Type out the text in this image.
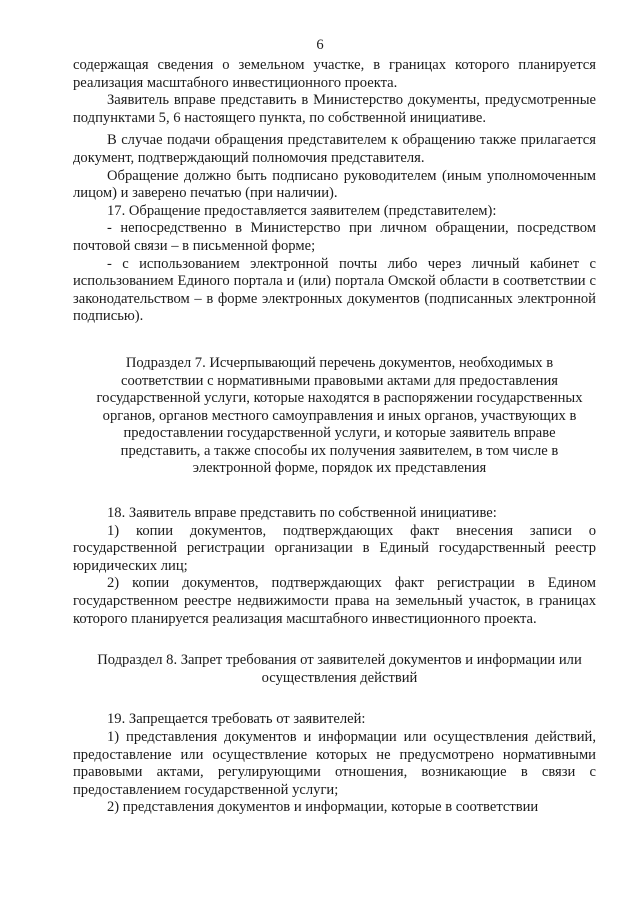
6

содержащая сведения о земельном участке, в границах которого планируется реализация масштабного инвестиционного проекта.

Заявитель вправе представить в Министерство документы, предусмотренные подпунктами 5, 6 настоящего пункта, по собственной инициативе.

В случае подачи обращения представителем к обращению также прилагается документ, подтверждающий полномочия представителя.

Обращение должно быть подписано руководителем (иным уполномоченным лицом) и заверено печатью (при наличии).

17. Обращение предоставляется заявителем (представителем):

- непосредственно в Министерство при личном обращении, посредством почтовой связи – в письменной форме;

- с использованием электронной почты либо через личный кабинет с использованием Единого портала и (или) портала Омской области в соответствии с законодательством – в форме электронных документов (подписанных электронной подписью).

Подраздел 7. Исчерпывающий перечень документов, необходимых в соответствии с нормативными правовыми актами для предоставления государственной услуги, которые находятся в распоряжении государственных органов, органов местного самоуправления и иных органов, участвующих в предоставлении государственной услуги, и которые заявитель вправе представить, а также способы их получения заявителем, в том числе в электронной форме, порядок их представления

18. Заявитель вправе представить по собственной инициативе:

1) копии документов, подтверждающих факт внесения записи о государственной регистрации организации в Единый государственный реестр юридических лиц;

2) копии документов, подтверждающих факт регистрации в Едином государственном реестре недвижимости права на земельный участок, в границах которого планируется реализация масштабного инвестиционного проекта.

Подраздел 8. Запрет требования от заявителей документов и информации или осуществления действий

19. Запрещается требовать от заявителей:

1) представления документов и информации или осуществления действий, предоставление или осуществление которых не предусмотрено нормативными правовыми актами, регулирующими отношения, возникающие в связи с предоставлением государственной услуги;

2) представления документов и информации, которые в соответствии
